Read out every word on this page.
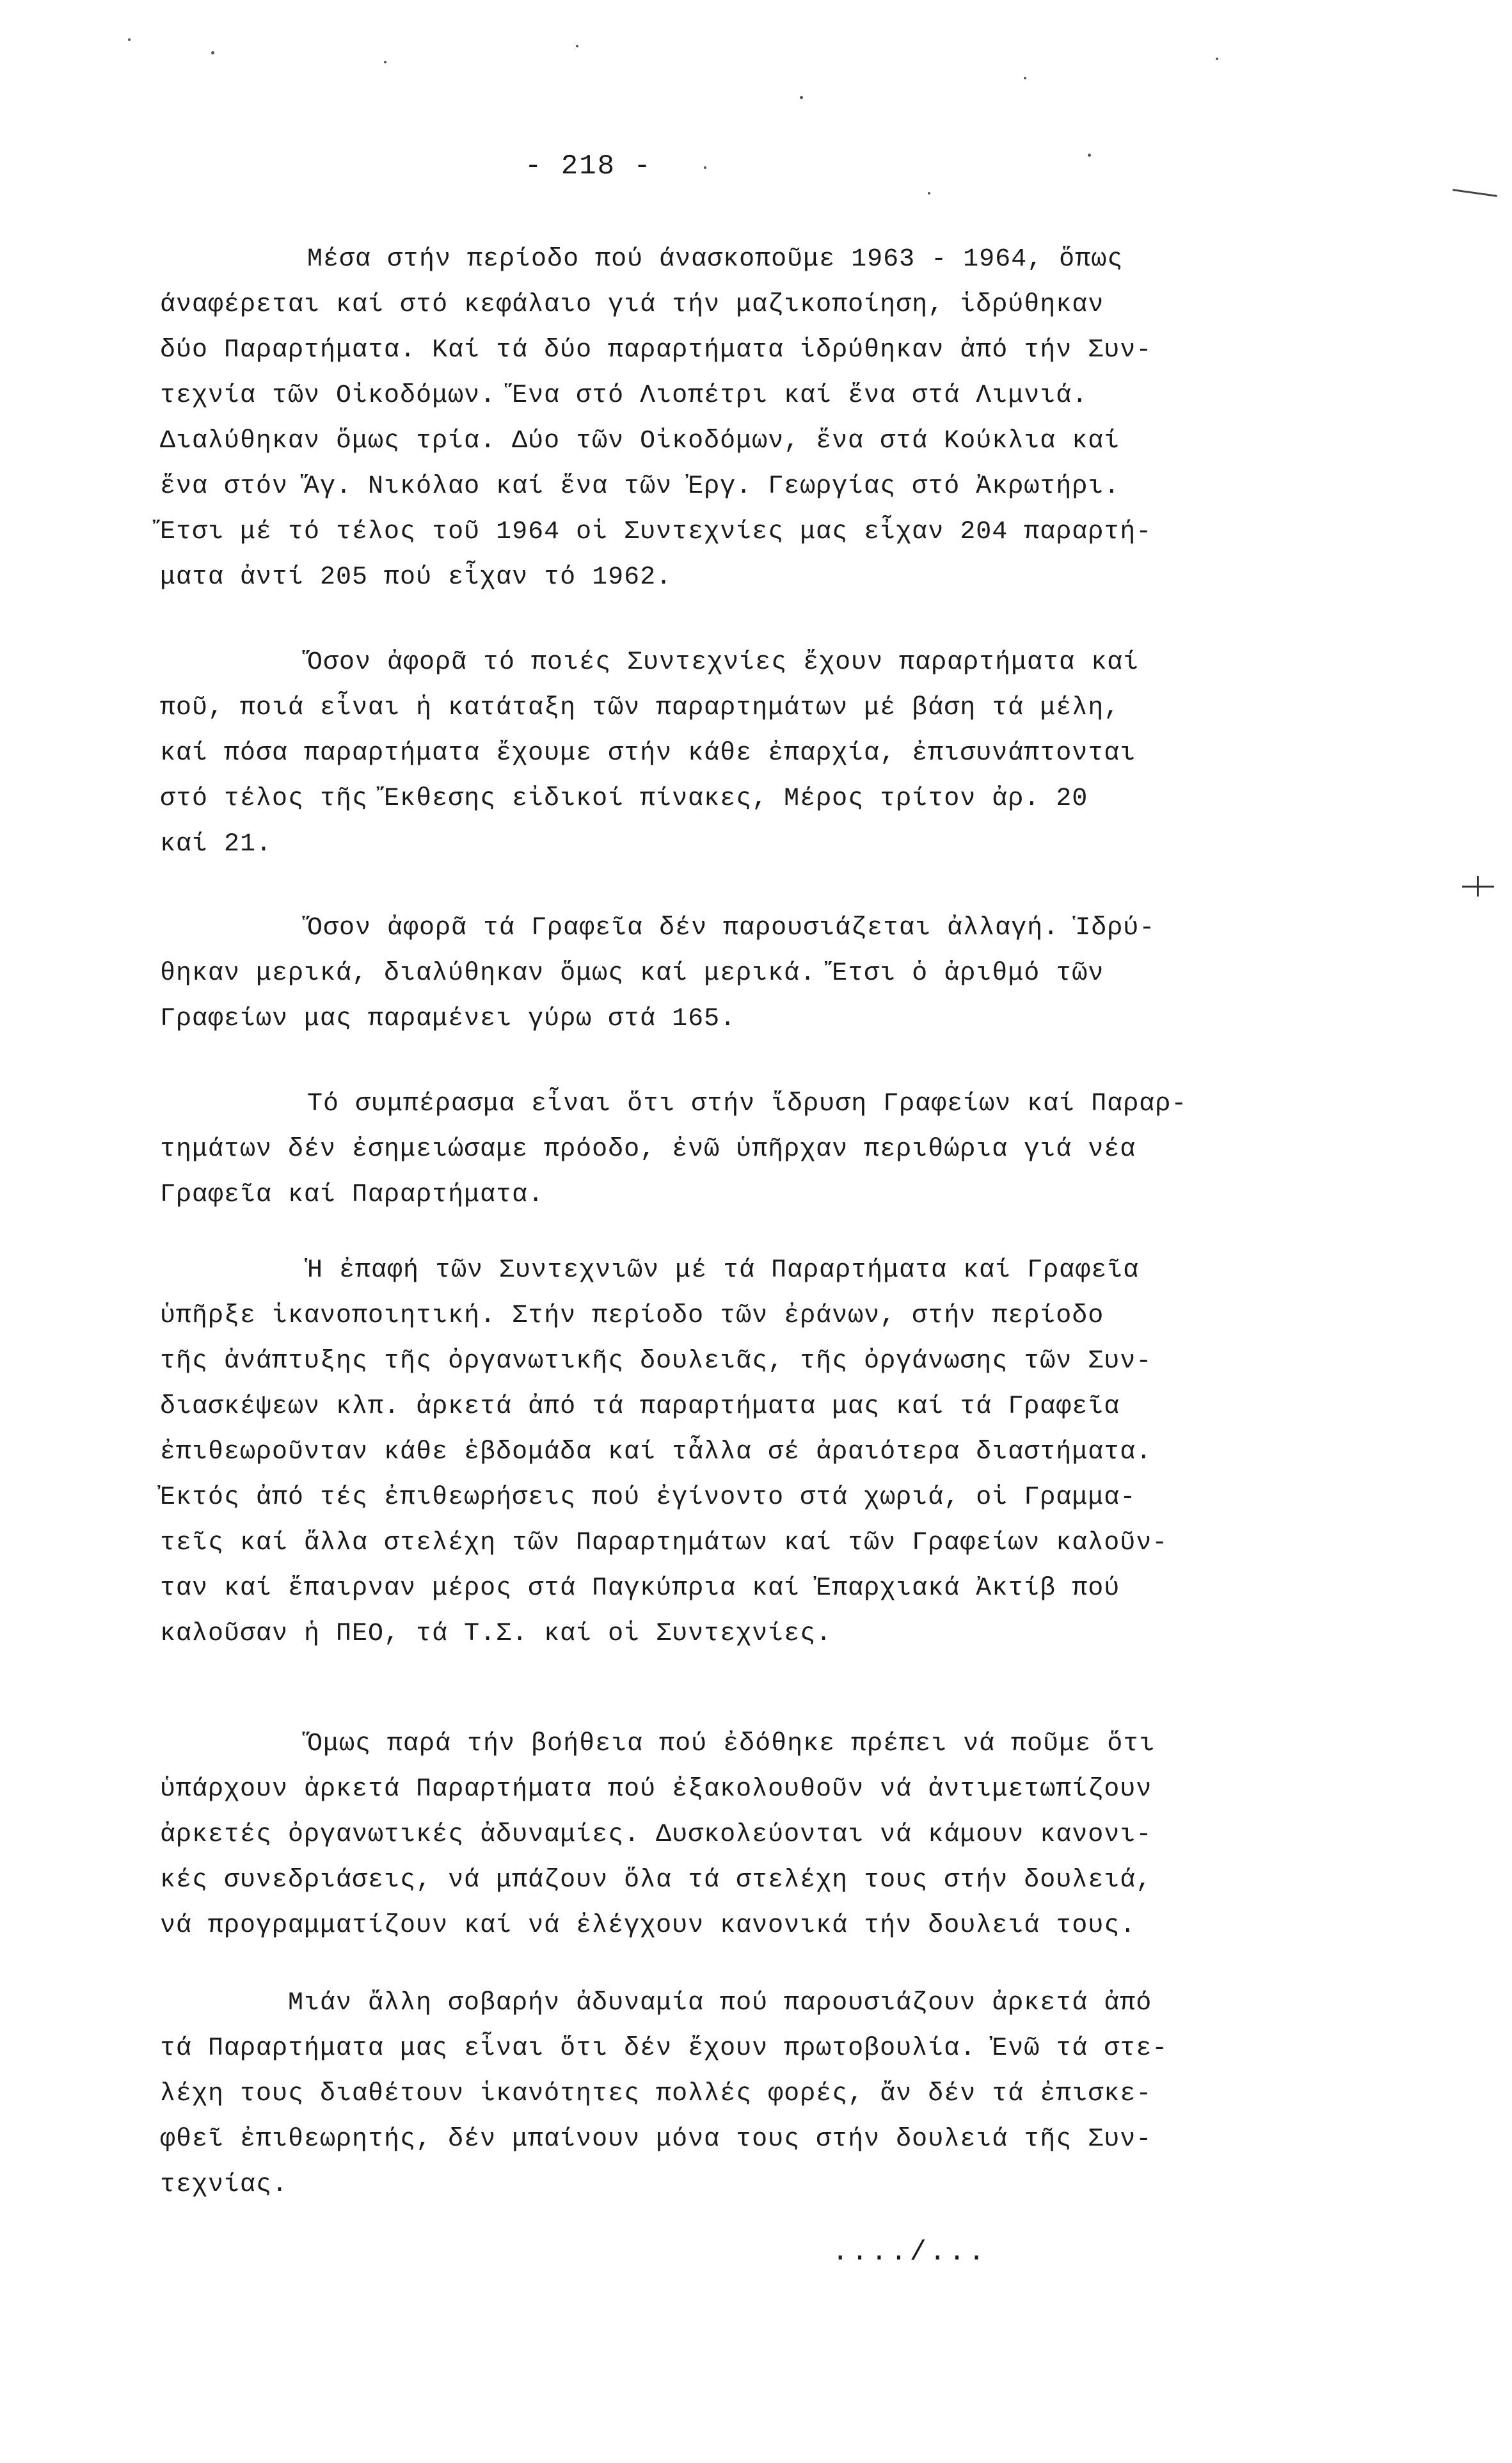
- 218 -
Μέσα στήν περίοδο πού άνασκοποῦμε 1963 - 1964, ὅπως
άναφέρεται καί στό κεφάλαιο γιά τήν μαζικοποίηση, ἱδρύθηκαν
δύο Παραρτήματα. Καί τά δύο παραρτήματα ἱδρύθηκαν ἀπό τήν Συν-
τεχνία τῶν Οἰκοδόμων. Ἕνα στό Λιοπέτρι καί ἕνα στά Λιμνιά.
Διαλύθηκαν ὅμως τρία. Δύο τῶν Οἰκοδόμων, ἕνα στά Κούκλια καί
ἕνα στόν Ἅγ. Νικόλαο καί ἕνα τῶν Ἐργ. Γεωργίας στό Ἀκρωτήρι.
Ἔτσι μέ τό τέλος τοῦ 1964 οἱ Συντεχνίες μας εἶχαν 204 παραρτή-
ματα ἀντί 205 πού εἶχαν τό 1962.
Ὅσον ἀφορᾶ τό ποιές Συντεχνίες ἔχουν παραρτήματα καί
ποῦ, ποιά εἶναι ἡ κατάταξη τῶν παραρτημάτων μέ βάση τά μέλη,
καί πόσα παραρτήματα ἔχουμε στήν κάθε ἐπαρχία, ἐπισυνάπτονται
στό τέλος τῆς Ἔκθεσης εἰδικοί πίνακες, Μέρος τρίτον ἀρ. 20
καί 21.
Ὅσον ἀφορᾶ τά Γραφεῖα δέν παρουσιάζεται ἀλλαγή. Ἱδρύ-
θηκαν μερικά, διαλύθηκαν ὅμως καί μερικά. Ἔτσι ὁ ἀριθμό τῶν
Γραφείων μας παραμένει γύρω στά 165.
Τό συμπέρασμα εἶναι ὅτι στήν ἵδρυση Γραφείων καί Παραρ-
τημάτων δέν ἐσημειώσαμε πρόοδο, ἐνῶ ὑπῆρχαν περιθώρια γιά νέα
Γραφεῖα καί Παραρτήματα.
Ἡ ἐπαφή τῶν Συντεχνιῶν μέ τά Παραρτήματα καί Γραφεῖα
ὑπῆρξε ἱκανοποιητική. Στήν περίοδο τῶν ἐράνων, στήν περίοδο
τῆς ἀνάπτυξης τῆς ὀργανωτικῆς δουλειᾶς, τῆς ὀργάνωσης τῶν Συν-
διασκέψεων κλπ. ἀρκετά ἀπό τά παραρτήματα μας καί τά Γραφεῖα
ἐπιθεωροῦνταν κάθε ἑβδομάδα καί τἆλλα σέ ἀραιότερα διαστήματα.
Ἐκτός ἀπό τές ἐπιθεωρήσεις πού ἐγίνοντο στά χωριά, οἱ Γραμμα-
τεῖς καί ἄλλα στελέχη τῶν Παραρτημάτων καί τῶν Γραφείων καλοῦν-
ταν καί ἔπαιρναν μέρος στά Παγκύπρια καί Ἐπαρχιακά Ἀκτίβ πού
καλοῦσαν ἡ ΠΕΟ, τά Τ.Σ. καί οἱ Συντεχνίες.
Ὅμως παρά τήν βοήθεια πού ἐδόθηκε πρέπει νά ποῦμε ὅτι
ὑπάρχουν ἀρκετά Παραρτήματα πού ἐξακολουθοῦν νά ἀντιμετωπίζουν
ἀρκετές ὀργανωτικές ἀδυναμίες. Δυσκολεύονται νά κάμουν κανονι-
κές συνεδριάσεις, νά μπάζουν ὅλα τά στελέχη τους στήν δουλειά,
νά προγραμματίζουν καί νά ἐλέγχουν κανονικά τήν δουλειά τους.
Μιάν ἄλλη σοβαρήν ἀδυναμία πού παρουσιάζουν ἀρκετά ἀπό
τά Παραρτήματα μας εἶναι ὅτι δέν ἔχουν πρωτοβουλία. Ἐνῶ τά στε-
λέχη τους διαθέτουν ἱκανότητες πολλές φορές, ἄν δέν τά ἐπισκε-
φθεῖ ἐπιθεωρητής, δέν μπαίνουν μόνα τους στήν δουλειά τῆς Συν-
τεχνίας.
..../...
